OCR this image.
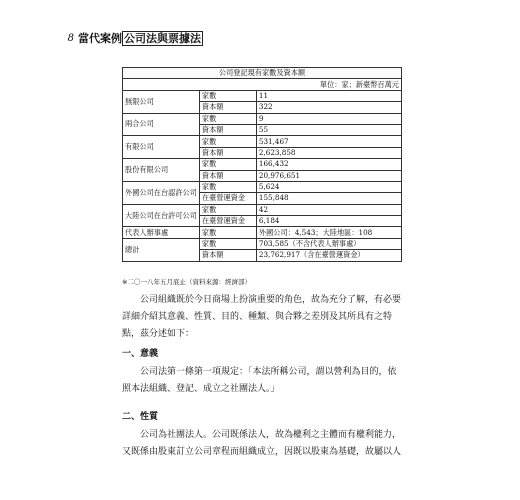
8 當代案例 公司法與票據法
公司登記現有家數及資本額		
單位：家；新臺幣百萬元		
無限公司	家數	11
	資本額	322
兩合公司	家數	9
	資本額	55
有限公司	家數	531,467
	資本額	2,623,858
股份有限公司	家數	166,432
	資本額	20,976,651
外國公司在台認許公司	家數	5,624
	在臺營運資金	155,848
大陸公司在台許可公司	家數	42
	在臺營運資金	6,184
代表人辦事處	家數	外國公司：4,543；大陸地區：108
總計	家數	703,585（不含代表人辦事處）
	資本額	23,762,917（含在臺營運資金）
※二〇一八年五月底止（資料來源：經濟部）
公司組織既於今日商場上扮演重要的角色，故為充分了解，有必要詳細介紹其意義、性質、目的、種類、與合夥之差別及其所具有之特點，茲分述如下：
一、意義
公司法第一條第一項規定：「本法所稱公司，謂以營利為目的，依照本法組織、登記、成立之社團法人。」
二、性質
公司為社團法人。公司既係法人，故為權利之主體而有權利能力，又既係由股東訂立公司章程而組織成立，因既以股東為基礎，故屬以人
